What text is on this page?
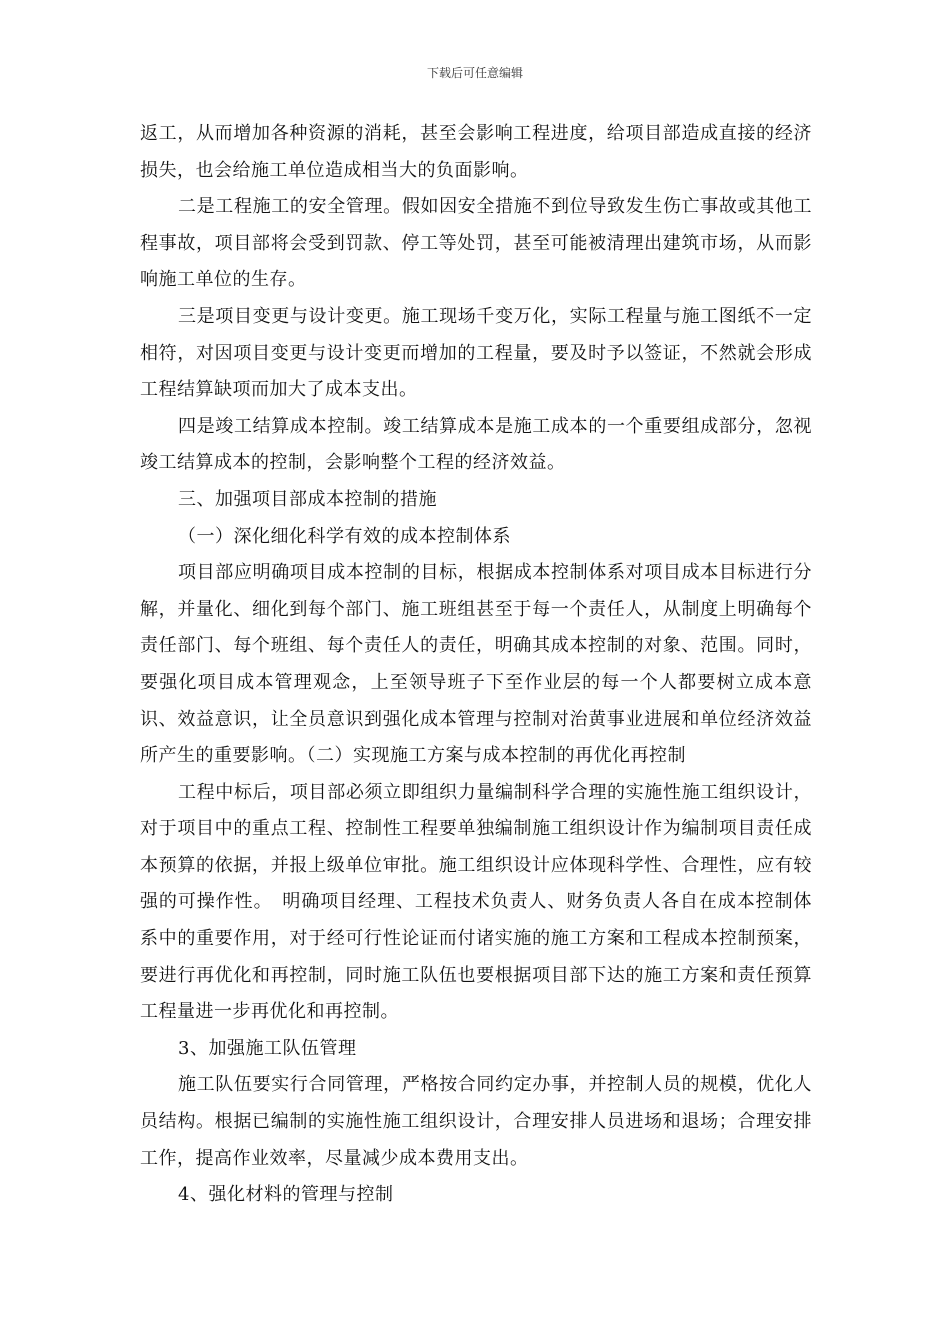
下载后可任意编辑

返工，从而增加各种资源的消耗，甚至会影响工程进度，给项目部造成直接的经济损失，也会给施工单位造成相当大的负面影响。

二是工程施工的安全管理。假如因安全措施不到位导致发生伤亡事故或其他工程事故，项目部将会受到罚款、停工等处罚，甚至可能被清理出建筑市场，从而影响施工单位的生存。

三是项目变更与设计变更。施工现场千变万化，实际工程量与施工图纸不一定相符，对因项目变更与设计变更而增加的工程量，要及时予以签证，不然就会形成工程结算缺项而加大了成本支出。

四是竣工结算成本控制。竣工结算成本是施工成本的一个重要组成部分，忽视竣工结算成本的控制，会影响整个工程的经济效益。

三、加强项目部成本控制的措施

（一）深化细化科学有效的成本控制体系

项目部应明确项目成本控制的目标，根据成本控制体系对项目成本目标进行分解，并量化、细化到每个部门、施工班组甚至于每一个责任人，从制度上明确每个责任部门、每个班组、每个责任人的责任，明确其成本控制的对象、范围。同时，要强化项目成本管理观念，上至领导班子下至作业层的每一个人都要树立成本意识、效益意识，让全员意识到强化成本管理与控制对治黄事业进展和单位经济效益所产生的重要影响。（二）实现施工方案与成本控制的再优化再控制

工程中标后，项目部必须立即组织力量编制科学合理的实施性施工组织设计，对于项目中的重点工程、控制性工程要单独编制施工组织设计作为编制项目责任成本预算的依据，并报上级单位审批。施工组织设计应体现科学性、合理性，应有较强的可操作性。　明确项目经理、工程技术负责人、财务负责人各自在成本控制体系中的重要作用，对于经可行性论证而付诸实施的施工方案和工程成本控制预案，要进行再优化和再控制，同时施工队伍也要根据项目部下达的施工方案和责任预算工程量进一步再优化和再控制。

3、加强施工队伍管理

施工队伍要实行合同管理，严格按合同约定办事，并控制人员的规模，优化人员结构。根据已编制的实施性施工组织设计，合理安排人员进场和退场；合理安排工作，提高作业效率，尽量减少成本费用支出。

4、强化材料的管理与控制
